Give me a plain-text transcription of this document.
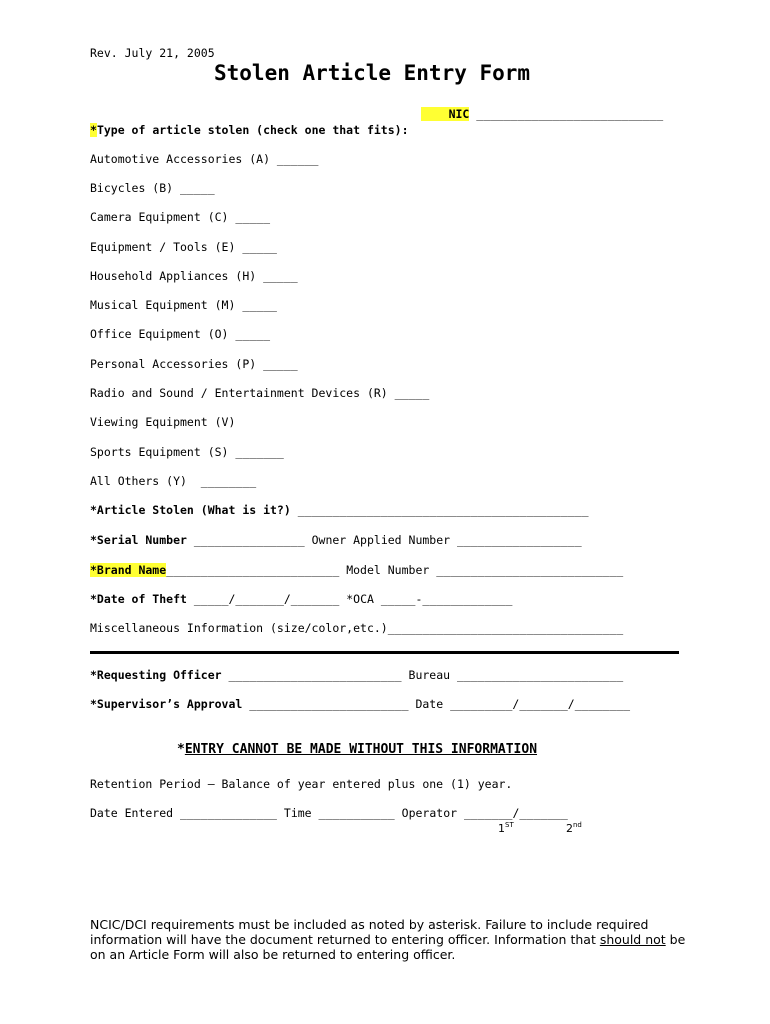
Rev. July 21, 2005
Stolen Article Entry Form

NIC ___________________________

*Type of article stolen (check one that fits):
Automotive Accessories (A) ______
Bicycles (B) _____
Camera Equipment (C) _____
Equipment / Tools (E) _____
Household Appliances (H) _____
Musical Equipment (M) _____
Office Equipment (O) _____
Personal Accessories (P) _____
Radio and Sound / Entertainment Devices (R) _____
Viewing Equipment (V)
Sports Equipment (S) _______
All Others (Y)  ________
*Article Stolen (What is it?) __________________________________________
*Serial Number ________________ Owner Applied Number __________________
*Brand Name_________________________ Model Number ___________________________
*Date of Theft _____/_______/_______ *OCA _____-_____________
Miscellaneous Information (size/color,etc.)__________________________________
*Requesting Officer _________________________ Bureau ________________________
*Supervisor’s Approval _______________________ Date _________/_______/________
*ENTRY CANNOT BE MADE WITHOUT THIS INFORMATION
Retention Period – Balance of year entered plus one (1) year.
Date Entered ______________ Time ___________ Operator _______/_______
1ST	2nd
NCIC/DCI requirements must be included as noted by asterisk. Failure to include required information will have the document returned to entering officer. Information that should not be on an Article Form will also be returned to entering officer.
